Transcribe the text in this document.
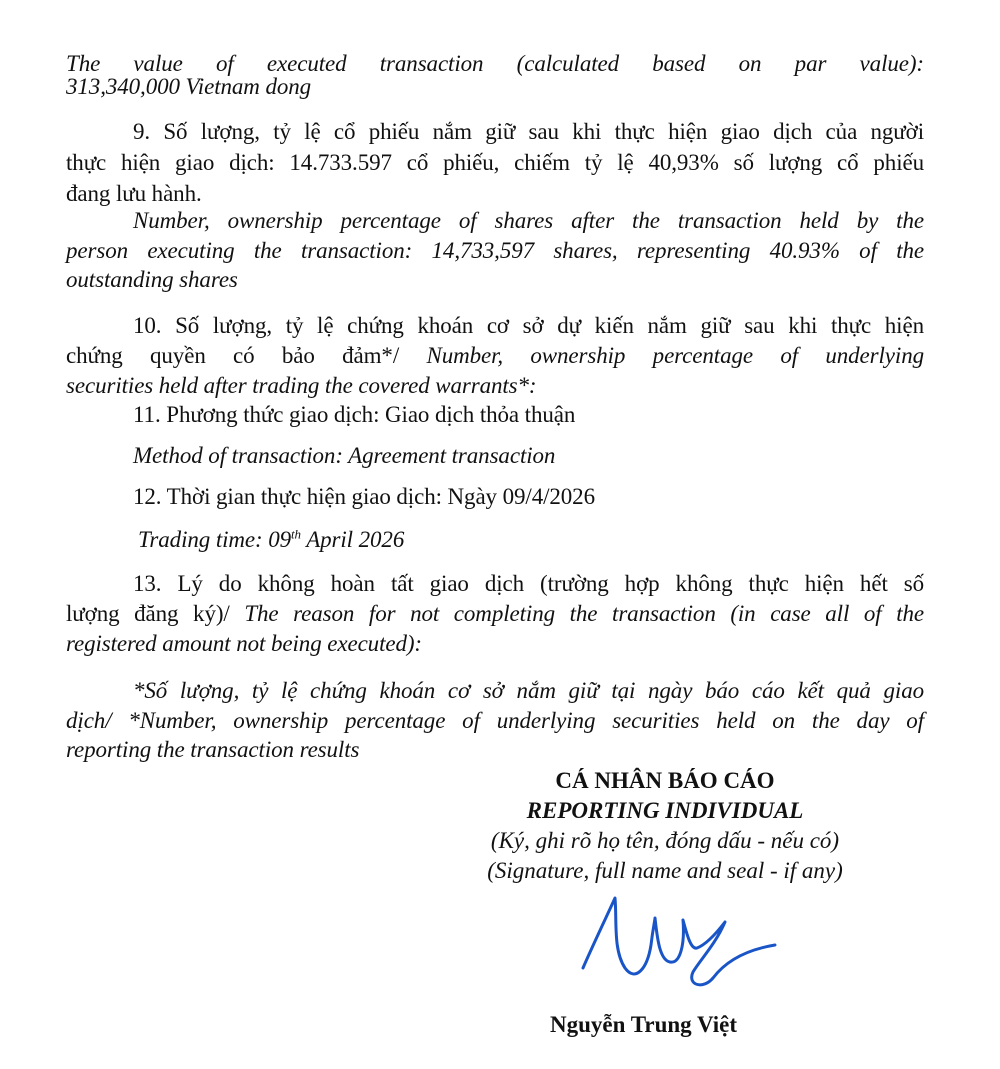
The value of executed transaction (calculated based on par value):
313,340,000 Vietnam dong
9. Số lượng, tỷ lệ cổ phiếu nắm giữ sau khi thực hiện giao dịch của người
thực hiện giao dịch: 14.733.597 cổ phiếu, chiếm tỷ lệ 40,93% số lượng cổ phiếu
đang lưu hành.
Number, ownership percentage of shares after the transaction held by the
person executing the transaction: 14,733,597 shares, representing 40.93% of the
outstanding shares
10. Số lượng, tỷ lệ chứng khoán cơ sở dự kiến nắm giữ sau khi thực hiện
chứng quyền có bảo đảm*/ Number, ownership percentage of underlying
securities held after trading the covered warrants*:
11. Phương thức giao dịch: Giao dịch thỏa thuận
Method of transaction: Agreement transaction
12. Thời gian thực hiện giao dịch: Ngày 09/4/2026
Trading time: 09th April 2026
13. Lý do không hoàn tất giao dịch (trường hợp không thực hiện hết số
lượng đăng ký)/ The reason for not completing the transaction (in case all of the
registered amount not being executed):
*Số lượng, tỷ lệ chứng khoán cơ sở nắm giữ tại ngày báo cáo kết quả giao
dịch/ *Number, ownership percentage of underlying securities held on the day of
reporting the transaction results
CÁ NHÂN BÁO CÁO
REPORTING INDIVIDUAL
(Ký, ghi rõ họ tên, đóng dấu - nếu có)
(Signature, full name and seal - if any)
Nguyễn Trung Việt
